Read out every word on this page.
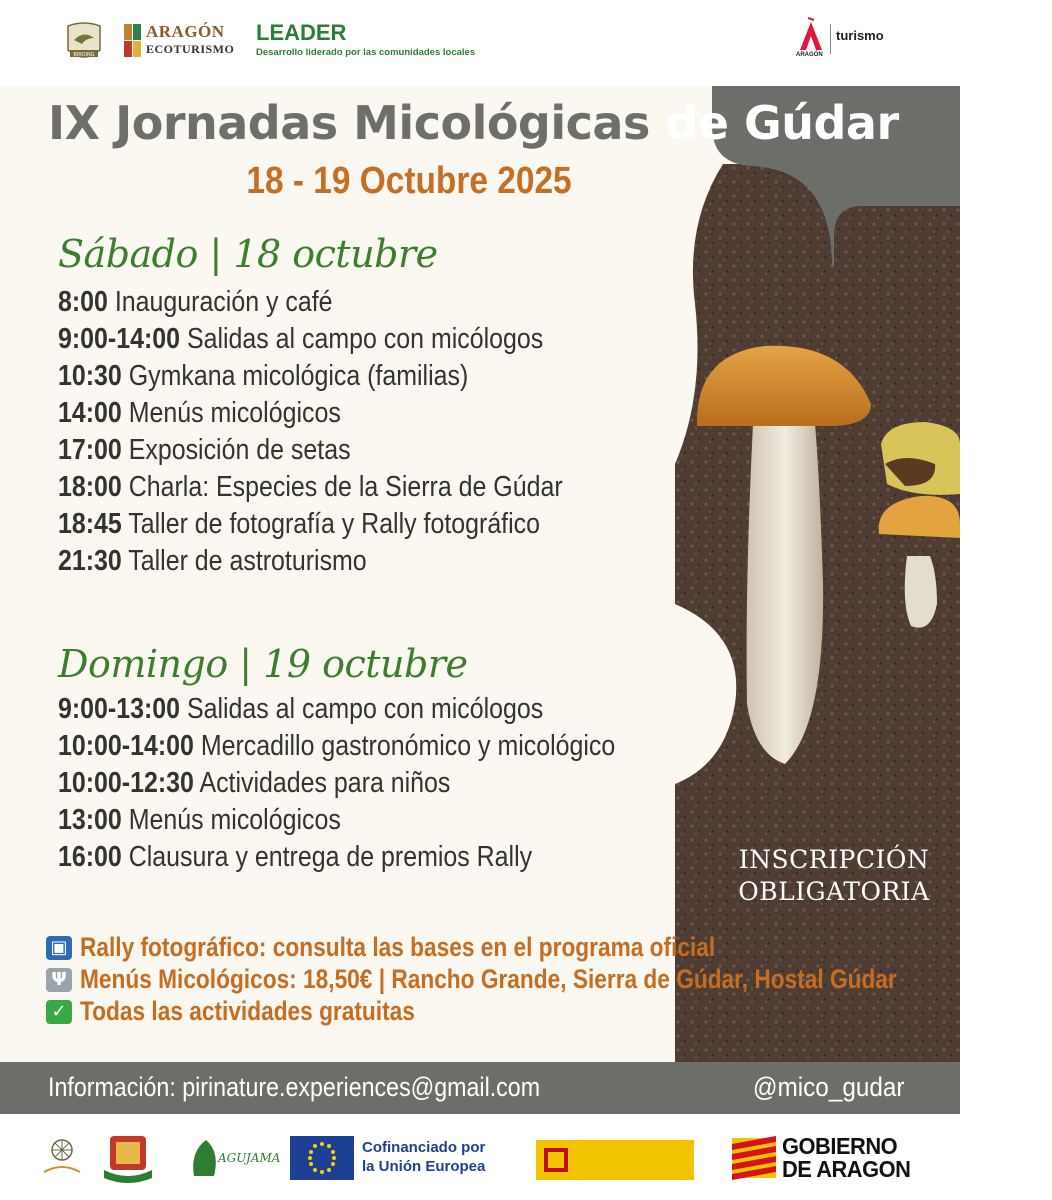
BIRDING
ARAGÓN
ECOTURISMO
LEADER
Desarrollo liderado por las comunidades locales	ARAGÓN
turismo
IX Jornadas Micológicas de Gúdar
18 - 19 Octubre 2025
Sábado | 18 octubre
8:00 Inauguración y café
9:00-14:00 Salidas al campo con micólogos
10:30 Gymkana micológica (familias)
14:00 Menús micológicos
17:00 Exposición de setas
18:00 Charla: Especies de la Sierra de Gúdar
18:45 Taller de fotografía y Rally fotográfico
21:30 Taller de astroturismo
Domingo | 19 octubre
9:00-13:00 Salidas al campo con micólogos
10:00-14:00 Mercadillo gastronómico y micológico
10:00-12:30 Actividades para niños
13:00 Menús micológicos
16:00 Clausura y entrega de premios Rally	INSCRIPCIÓN
OBLIGATORIA
▣ Rally fotográfico: consulta las bases en el programa oficial
Ψ Menús Micológicos: 18,50€ | Rancho Grande, Sierra de Gúdar, Hostal Gúdar
✓ Todas las actividades gratuitas
Información: pirinature.experiences@gmail.com	@mico_gudar
AGUJAMA
Cofinanciado por
la Unión Europea
GOBIERNO
DE ARAGON
